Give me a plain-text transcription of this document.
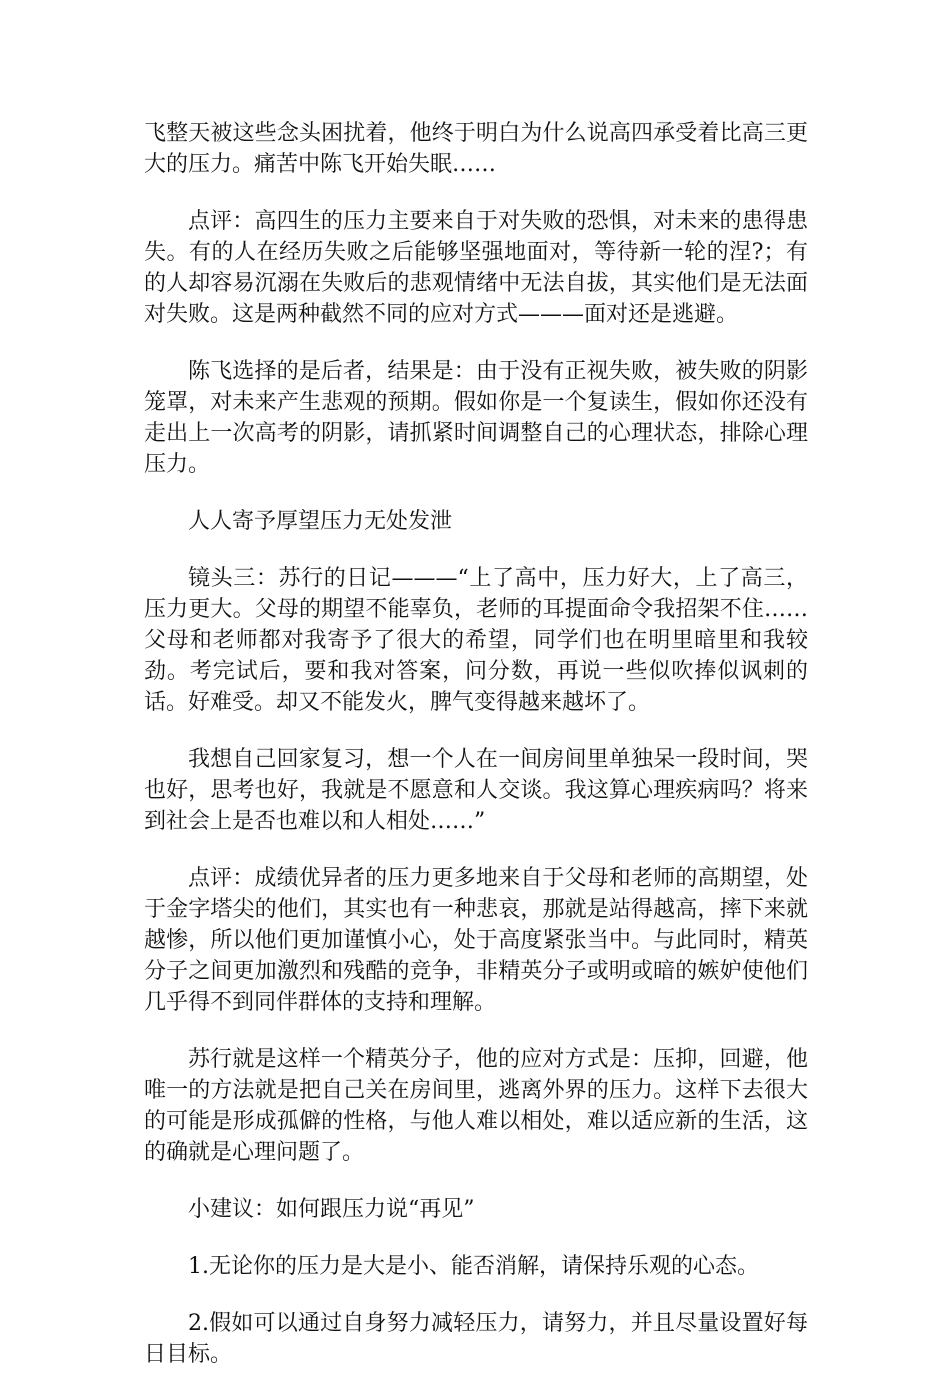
飞整天被这些念头困扰着，他终于明白为什么说高四承受着比高三更大的压力。痛苦中陈飞开始失眠……

点评：高四生的压力主要来自于对失败的恐惧，对未来的患得患失。有的人在经历失败之后能够坚强地面对，等待新一轮的涅?；有的人却容易沉溺在失败后的悲观情绪中无法自拔，其实他们是无法面对失败。这是两种截然不同的应对方式———面对还是逃避。

陈飞选择的是后者，结果是：由于没有正视失败，被失败的阴影笼罩，对未来产生悲观的预期。假如你是一个复读生，假如你还没有走出上一次高考的阴影，请抓紧时间调整自己的心理状态，排除心理压力。

人人寄予厚望压力无处发泄

镜头三：苏行的日记———“上了高中，压力好大，上了高三，压力更大。父母的期望不能辜负，老师的耳提面命令我招架不住……父母和老师都对我寄予了很大的希望，同学们也在明里暗里和我较劲。考完试后，要和我对答案，问分数，再说一些似吹捧似讽刺的话。好难受。却又不能发火，脾气变得越来越坏了。

我想自己回家复习，想一个人在一间房间里单独呆一段时间，哭也好，思考也好，我就是不愿意和人交谈。我这算心理疾病吗？将来到社会上是否也难以和人相处……”

点评：成绩优异者的压力更多地来自于父母和老师的高期望，处于金字塔尖的他们，其实也有一种悲哀，那就是站得越高，摔下来就越惨，所以他们更加谨慎小心，处于高度紧张当中。与此同时，精英分子之间更加激烈和残酷的竞争，非精英分子或明或暗的嫉妒使他们几乎得不到同伴群体的支持和理解。

苏行就是这样一个精英分子，他的应对方式是：压抑，回避，他唯一的方法就是把自己关在房间里，逃离外界的压力。这样下去很大的可能是形成孤僻的性格，与他人难以相处，难以适应新的生活，这的确就是心理问题了。

小建议：如何跟压力说“再见”

1.无论你的压力是大是小、能否消解，请保持乐观的心态。

2.假如可以通过自身努力减轻压力，请努力，并且尽量设置好每日目标。
